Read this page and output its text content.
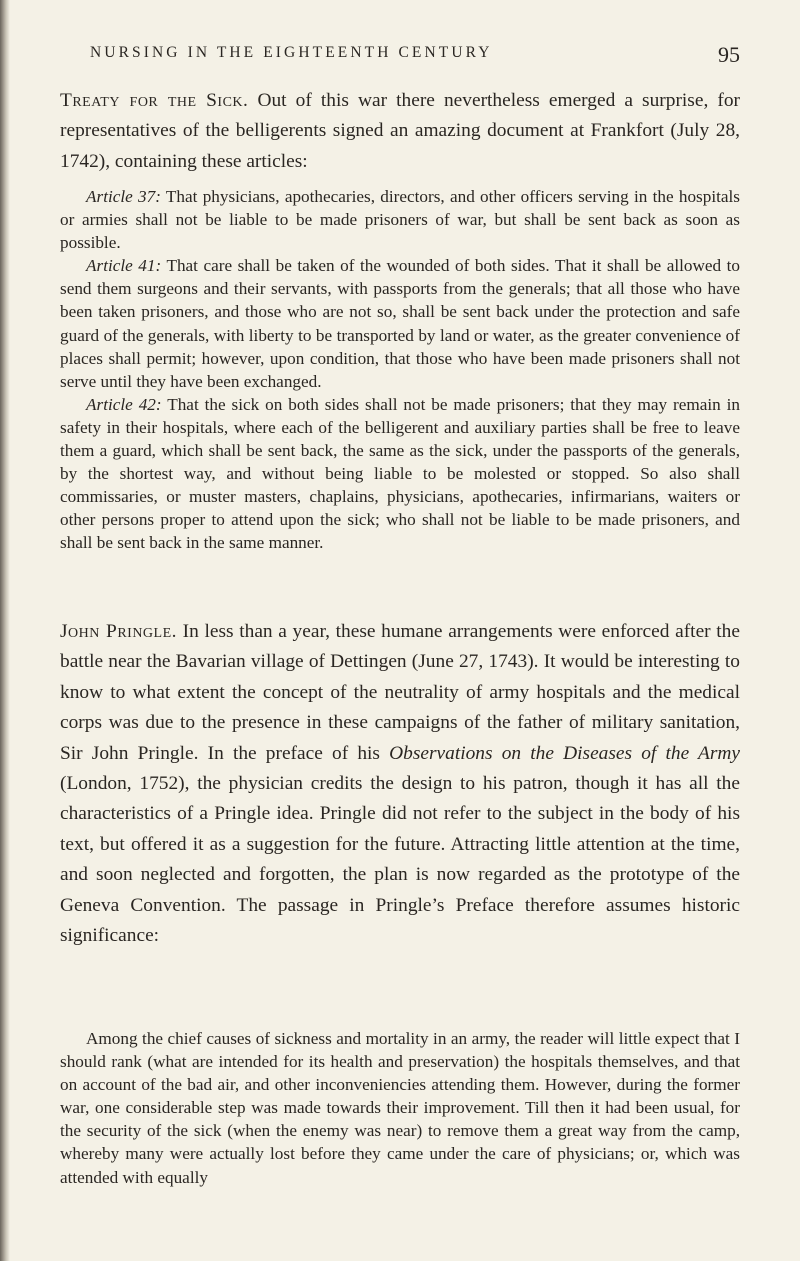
NURSING IN THE EIGHTEENTH CENTURY	95

Treaty for the Sick. Out of this war there nevertheless emerged a surprise, for representatives of the belligerents signed an amazing document at Frankfort (July 28, 1742), containing these articles:

Article 37: That physicians, apothecaries, directors, and other officers serving in the hospitals or armies shall not be liable to be made prisoners of war, but shall be sent back as soon as possible.

Article 41: That care shall be taken of the wounded of both sides. That it shall be allowed to send them surgeons and their servants, with passports from the generals; that all those who have been taken prisoners, and those who are not so, shall be sent back under the protection and safe guard of the generals, with liberty to be transported by land or water, as the greater convenience of places shall permit; however, upon condition, that those who have been made prisoners shall not serve until they have been exchanged.

Article 42: That the sick on both sides shall not be made prisoners; that they may remain in safety in their hospitals, where each of the belligerent and auxiliary parties shall be free to leave them a guard, which shall be sent back, the same as the sick, under the passports of the generals, by the shortest way, and without being liable to be molested or stopped. So also shall commissaries, or muster masters, chaplains, physicians, apothecaries, infirmarians, waiters or other persons proper to attend upon the sick; who shall not be liable to be made prisoners, and shall be sent back in the same manner.

John Pringle. In less than a year, these humane arrangements were enforced after the battle near the Bavarian village of Dettingen (June 27, 1743). It would be interesting to know to what extent the concept of the neutrality of army hospitals and the medical corps was due to the presence in these campaigns of the father of military sanitation, Sir John Pringle. In the preface of his Observations on the Diseases of the Army (London, 1752), the physician credits the design to his patron, though it has all the characteristics of a Pringle idea. Pringle did not refer to the subject in the body of his text, but offered it as a suggestion for the future. Attracting little attention at the time, and soon neglected and forgotten, the plan is now regarded as the prototype of the Geneva Convention. The passage in Pringle’s Preface therefore assumes historic significance:

Among the chief causes of sickness and mortality in an army, the reader will little expect that I should rank (what are intended for its health and preservation) the hospitals themselves, and that on account of the bad air, and other inconveniencies attending them. However, during the former war, one considerable step was made towards their improvement. Till then it had been usual, for the security of the sick (when the enemy was near) to remove them a great way from the camp, whereby many were actually lost before they came under the care of physicians; or, which was attended with equally
